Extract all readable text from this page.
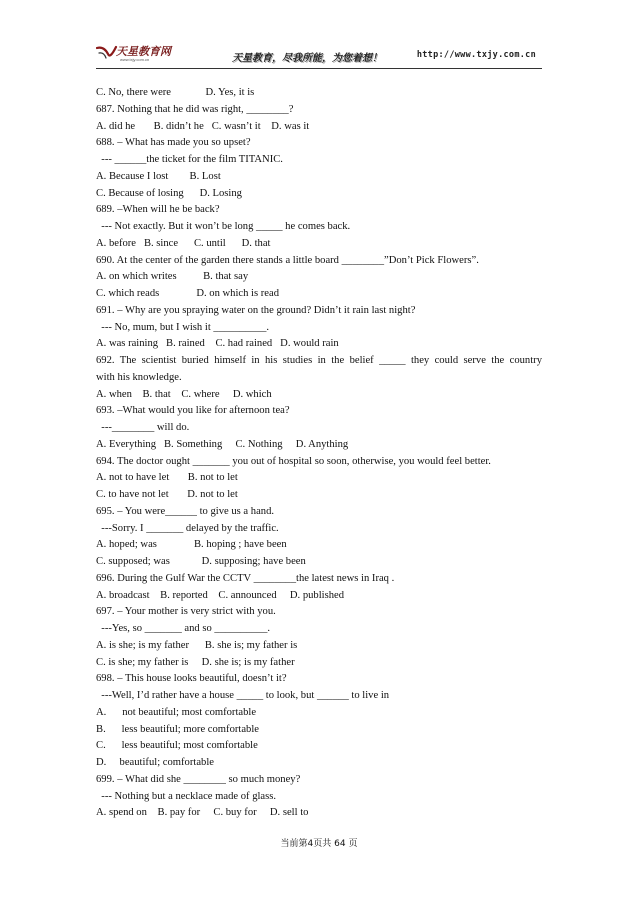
天星教育网
www.txjy.com.cn	天星教育，尽我所能，为您着想！	http://www.txjy.com.cn
C. No, there were             D. Yes, it is
687. Nothing that he did was right, ________?
A. did he       B. didn’t he   C. wasn’t it    D. was it
688. – What has made you so upset?
--- ______the ticket for the film TITANIC.
A. Because I lost        B. Lost
C. Because of losing      D. Losing
689. –When will he be back?
--- Not exactly. But it won’t be long _____ he comes back.
A. before   B. since      C. until      D. that
690. At the center of the garden there stands a little board ________”Don’t Pick Flowers”.
A. on which writes          B. that say
C. which reads              D. on which is read
691. – Why are you spraying water on the ground? Didn’t it rain last night?
--- No, mum, but I wish it __________.
A. was raining   B. rained    C. had rained   D. would rain
692. The scientist buried himself in his studies in the belief _____ they could serve the country
with his knowledge.
A. when    B. that    C. where     D. which
693. –What would you like for afternoon tea?
---________ will do.
A. Everything   B. Something     C. Nothing     D. Anything
694. The doctor ought _______ you out of hospital so soon, otherwise, you would feel better.
A. not to have let       B. not to let
C. to have not let       D. not to let
695. – You were______ to give us a hand.
---Sorry. I _______ delayed by the traffic.
A. hoped; was              B. hoping ; have been
C. supposed; was            D. supposing; have been
696. During the Gulf War the CCTV ________the latest news in Iraq .
A. broadcast    B. reported    C. announced     D. published
697. – Your mother is very strict with you.
---Yes, so _______ and so __________.
A. is she; is my father      B. she is; my father is
C. is she; my father is     D. she is; is my father
698. – This house looks beautiful, doesn’t it?
---Well, I’d rather have a house _____ to look, but ______ to live in
A.      not beautiful; most comfortable
B.      less beautiful; more comfortable
C.      less beautiful; most comfortable
D.     beautiful; comfortable
699. – What did she ________ so much money?
--- Nothing but a necklace made of glass.
A. spend on    B. pay for     C. buy for     D. sell to
当前第4页共 64 页
